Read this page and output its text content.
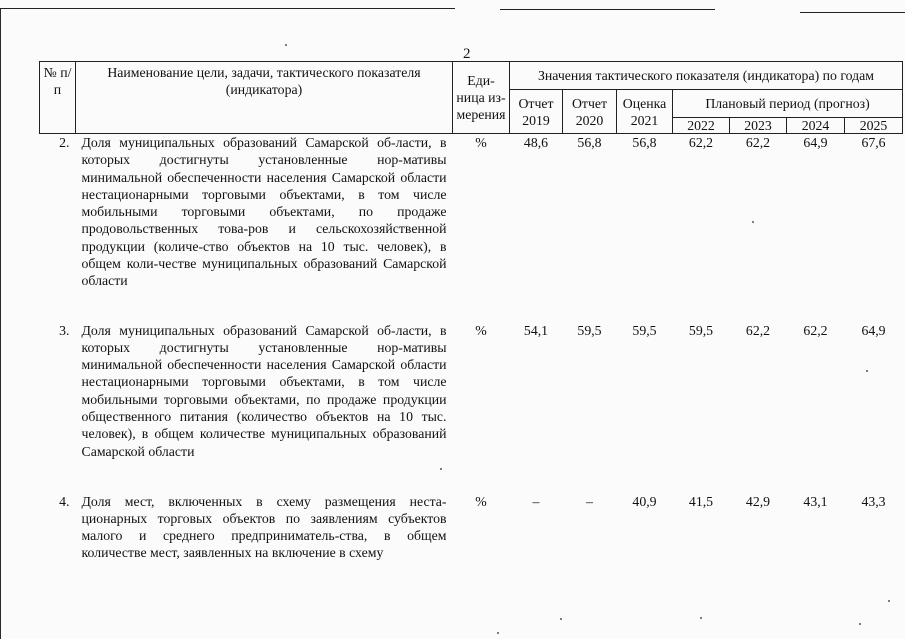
2
№ п/п	Наименование цели, задачи, тактического показателя (индикатора)	Еди-ница из-мерения	Значения тактического показателя (индикатора) по годам						
			Отчет 2019	Отчет 2020	Оценка 2021	Плановый период (прогноз)			
						2022	2023	2024	2025
2.	Доля муниципальных образований Самарской об-ласти, в которых достигнуты установленные нор-мативы минимальной обеспеченности населения Самарской области нестационарными торговыми объектами, в том числе мобильными торговыми объектами, по продаже продовольственных това-ров и сельскохозяйственной продукции (количе-ство объектов на 10 тыс. человек), в общем коли-честве муниципальных образований Самарской области	%	48,6	56,8	56,8	62,2	62,2	64,9	67,6
3.	Доля муниципальных образований Самарской об-ласти, в которых достигнуты установленные нор-мативы минимальной обеспеченности населения Самарской области нестационарными торговыми объектами, в том числе мобильными торговыми объектами, по продаже продукции общественного питания (количество объектов на 10 тыс. человек), в общем количестве муниципальных образований Самарской области	%	54,1	59,5	59,5	59,5	62,2	62,2	64,9
4.	Доля мест, включенных в схему размещения неста-ционарных торговых объектов по заявлениям субъектов малого и среднего предприниматель-ства, в общем количестве мест, заявленных на включение в схему	%	–	–	40,9	41,5	42,9	43,1	43,3
